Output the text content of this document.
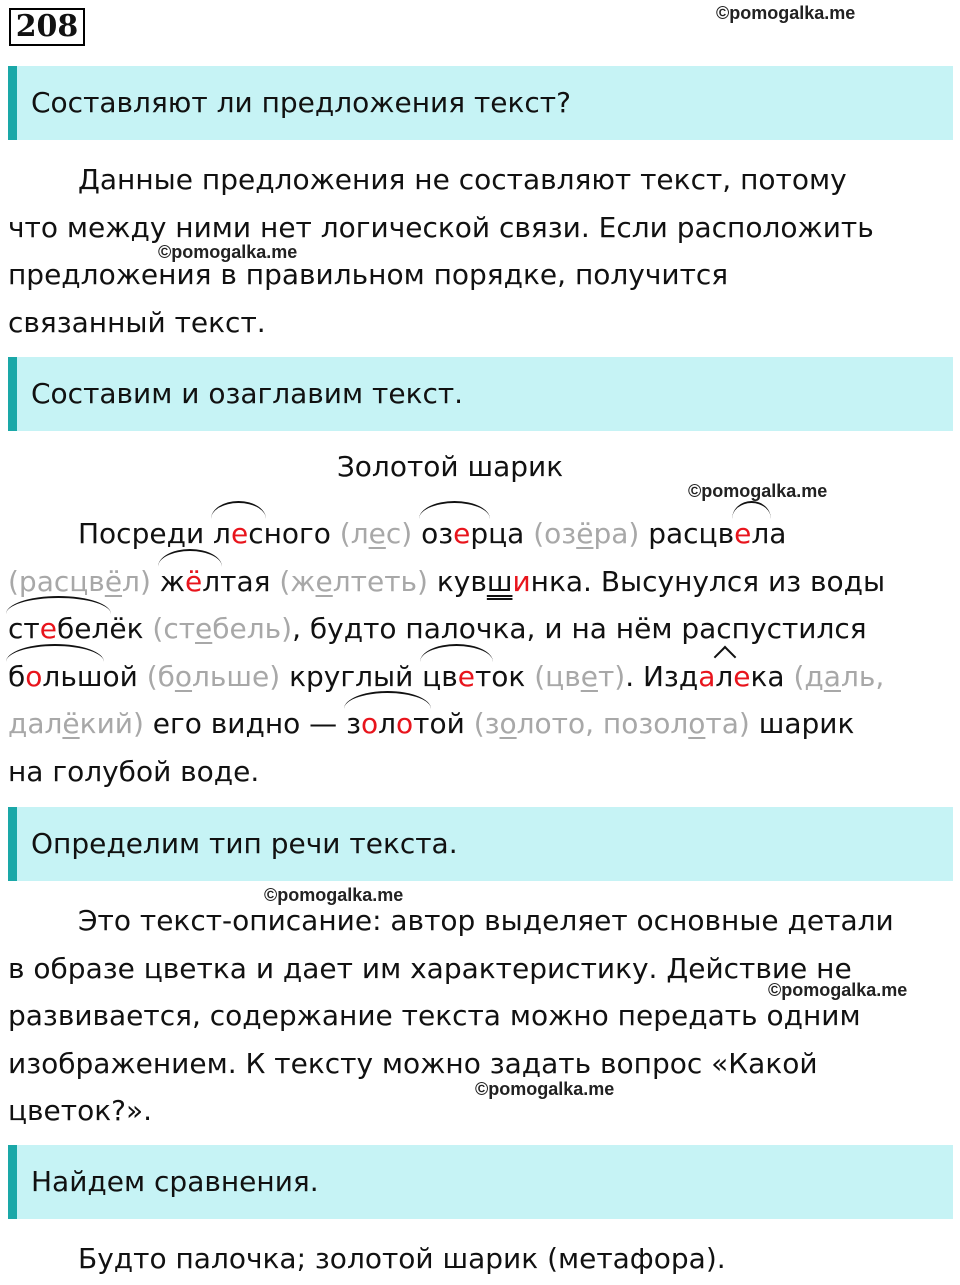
208	©pomogalka.me
Составляют ли предложения текст?
Данные предложения не составляют текст, потому
что между ними нет логической связи. Если расположить
предложения в правильном порядке, получится
связанный текст.
©pomogalka.me
Составим и озаглавим текст.
Золотой шарик
©pomogalka.me
Посреди лесного (лес) озерца (озёра) расцвела
(расцвёл) жёлтая (желтеть) кувшинка. Высунулся из воды
стебелёк (стебель), будто палочка, и на нём распустился
большой (больше) круглый цветок (цвет). Издалека (даль,
далёкий) его видно — золотой (золото, позолота) шарик
на голубой воде.
Определим тип речи текста.
©pomogalka.me
Это текст-описание: автор выделяет основные детали
в образе цветка и дает им характеристику. Действие не
развивается, содержание текста можно передать одним
изображением. К тексту можно задать вопрос «Какой
цветок?».
©pomogalka.me
©pomogalka.me
Найдем сравнения.
Будто палочка; золотой шарик (метафора).
